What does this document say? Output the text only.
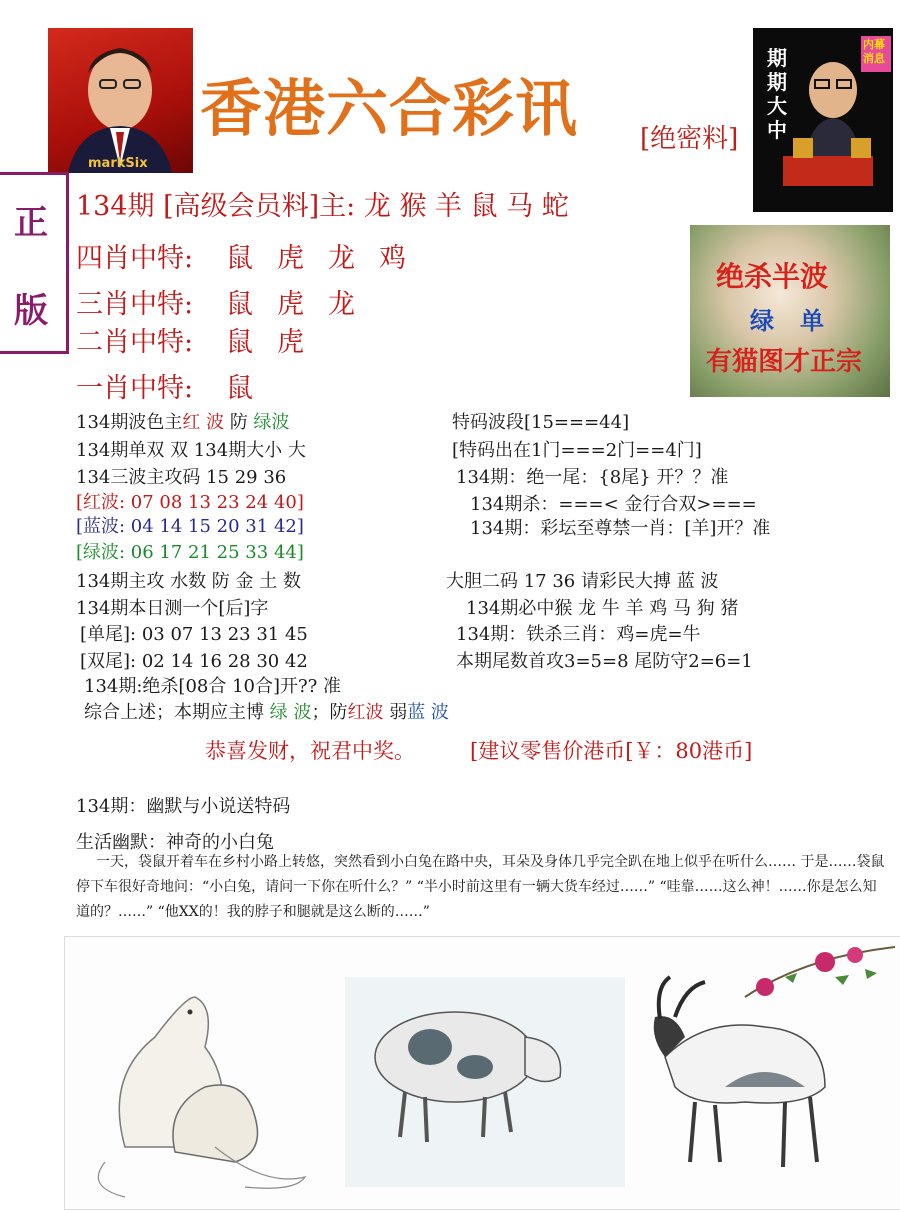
markSix
香港六合彩讯 [绝密料]
期期大中
内幕消息
正
版
134期 [高级会员料]主: 龙 猴 羊 鼠 马 蛇
四肖中特: 鼠虎龙鸡
三肖中特: 鼠虎龙
二肖中特: 鼠虎
一肖中特: 鼠
绝杀半波
绿单
有猫图才正宗
134期波色主红 波 防 绿波
134期单双 双 134期大小 大
134三波主攻码 15 29 36
[红波: 07 08 13 23 24 40]
[蓝波: 04 14 15 20 31 42]
[绿波: 06 17 21 25 33 44]
134期主攻 水数 防 金 土 数
134期本日测一个[后]字
[单尾]: 03 07 13 23 31 45
[双尾]: 02 14 16 28 30 42
134期:绝杀[08合 10合]开?? 准
综合上述；本期应主博 绿 波；防红波 弱蓝 波
特码波段[15===44]
[特码出在1门===2门==4门]
134期：绝一尾：{8尾} 开？？准
134期杀：===< 金行合双>===
134期：彩坛至尊禁一肖：[羊]开？准
大胆二码 17 36 请彩民大搏 蓝 波
134期必中猴 龙 牛 羊 鸡 马 狗 猪
134期：铁杀三肖：鸡=虎=牛
本期尾数首攻3=5=8 尾防守2=6=1
恭喜发财，祝君中奖。	[建议零售价港币[￥：80港币]
134期：幽默与小说送特码
生活幽默：神奇的小白兔
一天，袋鼠开着车在乡村小路上转悠，突然看到小白兔在路中央，耳朵及身体几乎完全趴在地上似乎在听什么…… 于是……袋鼠停下车很好奇地问：“小白兔，请问一下你在听什么？” “半小时前这里有一辆大货车经过……” “哇靠……这么神！……你是怎么知道的？……” “他XX的！我的脖子和腿就是这么断的……”
